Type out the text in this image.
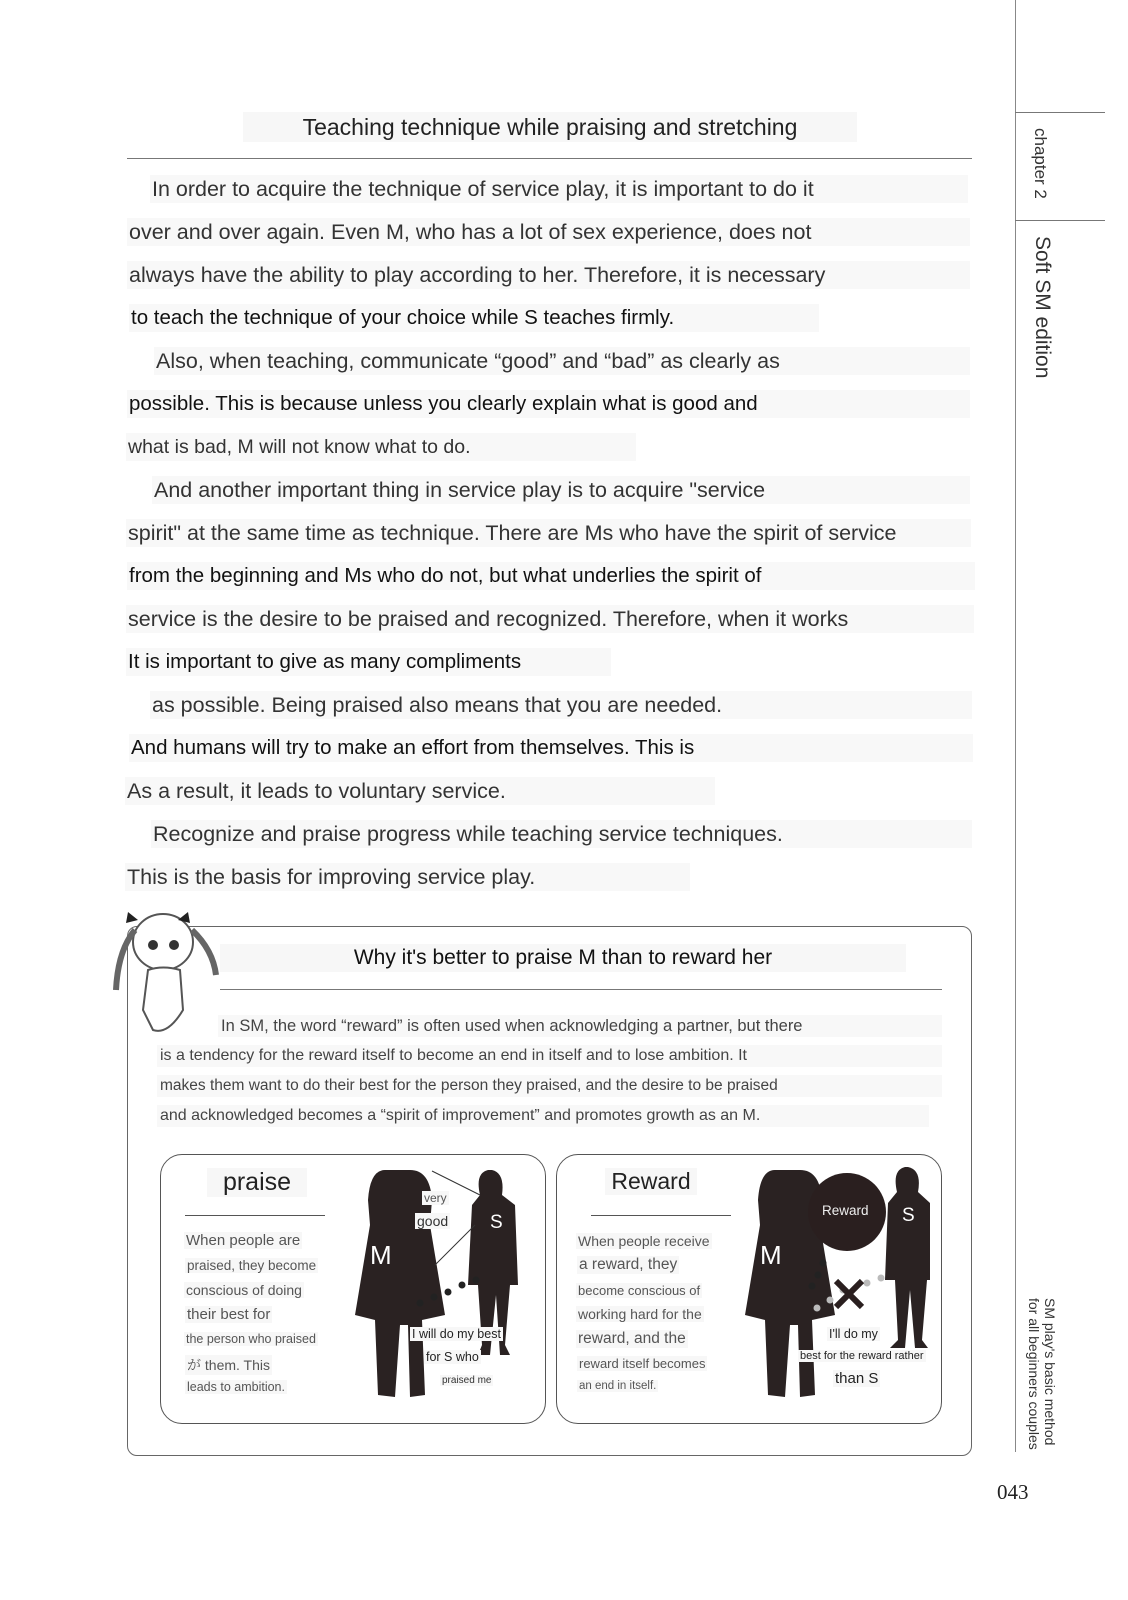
chapter 2
Soft SM edition
SM play's basic method
for all beginners couples
043
Teaching technique while praising and stretching
In order to acquire the technique of service play, it is important to do it
over and over again. Even M, who has a lot of sex experience, does not
always have the ability to play according to her. Therefore, it is necessary
to teach the technique of your choice while S teaches firmly.
Also, when teaching, communicate “good” and “bad” as clearly as
possible. This is because unless you clearly explain what is good and
what is bad, M will not know what to do.
And another important thing in service play is to acquire "service
spirit" at the same time as technique. There are Ms who have the spirit of service
from the beginning and Ms who do not, but what underlies the spirit of
service is the desire to be praised and recognized. Therefore, when it works
It is important to give as many compliments
as possible. Being praised also means that you are needed.
And humans will try to make an effort from themselves. This is
As a result, it leads to voluntary service.
Recognize and praise progress while teaching service techniques.
This is the basis for improving service play.
Why it's better to praise M than to reward her
In SM, the word “reward” is often used when acknowledging a partner, but there
is a tendency for the reward itself to become an end in itself and to lose ambition. It
makes them want to do their best for the person they praised, and the desire to be praised
and acknowledged becomes a “spirit of improvement” and promotes growth as an M.
praise
When people are
praised, they become
conscious of doing
their best for
the person who praised
が them. This
leads to ambition.
M
S
very
good
I will do my best
for S who
praised me
Reward
When people receive
a reward, they
become conscious of
working hard for the
reward, and the
reward itself becomes
an end in itself.
M
S
Reward
I'll do my
best for the reward rather
than S
